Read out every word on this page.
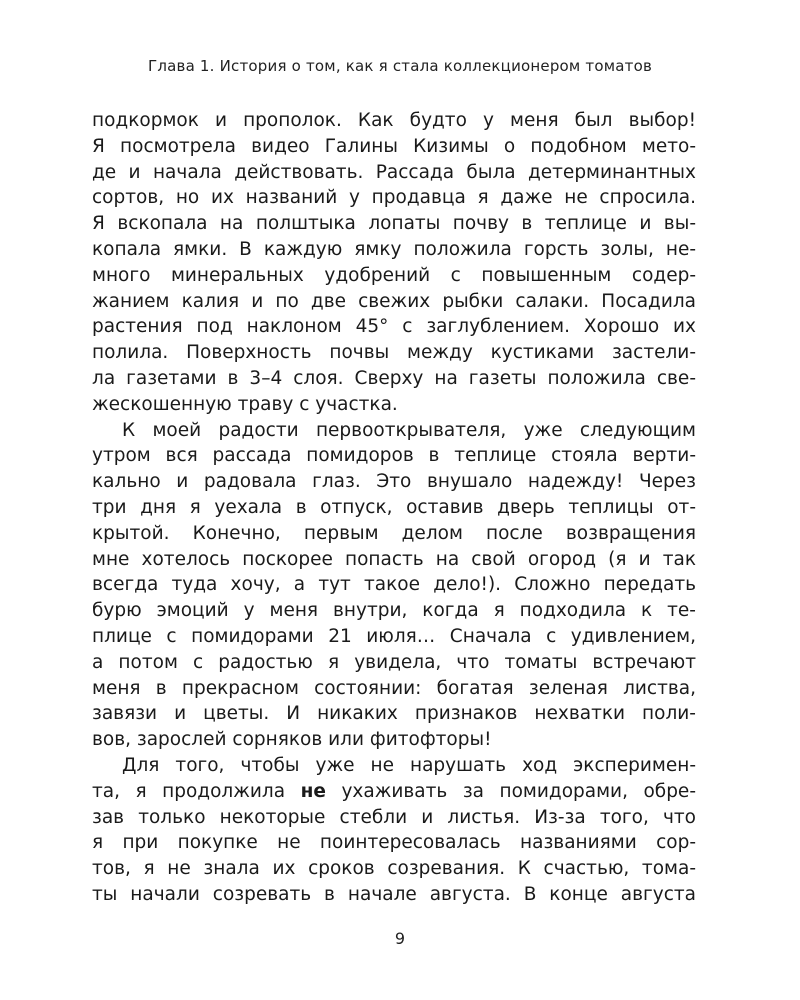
Глава 1. История о том, как я стала коллекционером томатов
подкормок и прополок. Как будто у меня был выбор!
Я посмотрела видео Галины Кизимы о подобном мето-
де и начала действовать. Рассада была детерминантных
сортов, но их названий у продавца я даже не спросила.
Я вскопала на полштыка лопаты почву в теплице и вы-
копала ямки. В каждую ямку положила горсть золы, не-
много минеральных удобрений с повышенным содер-
жанием калия и по две свежих рыбки салаки. Посадила
растения под наклоном 45° с заглублением. Хорошо их
полила. Поверхность почвы между кустиками застели-
ла газетами в 3–4 слоя. Сверху на газеты положила све-
жескошенную траву с участка.
К моей радости первооткрывателя, уже следующим
утром вся рассада помидоров в теплице стояла верти-
кально и радовала глаз. Это внушало надежду! Через
три дня я уехала в отпуск, оставив дверь теплицы от-
крытой. Конечно, первым делом после возвращения
мне хотелось поскорее попасть на свой огород (я и так
всегда туда хочу, а тут такое дело!). Сложно передать
бурю эмоций у меня внутри, когда я подходила к те-
плице с помидорами 21 июля… Сначала с удивлением,
а потом с радостью я увидела, что томаты встречают
меня в прекрасном состоянии: богатая зеленая листва,
завязи и цветы. И никаких признаков нехватки поли-
вов, зарослей сорняков или фитофторы!
Для того, чтобы уже не нарушать ход эксперимен-
та, я продолжила не ухаживать за помидорами, обре-
зав только некоторые стебли и листья. Из-за того, что
я при покупке не поинтересовалась названиями сор-
тов, я не знала их сроков созревания. К счастью, тома-
ты начали созревать в начале августа. В конце августа
9
